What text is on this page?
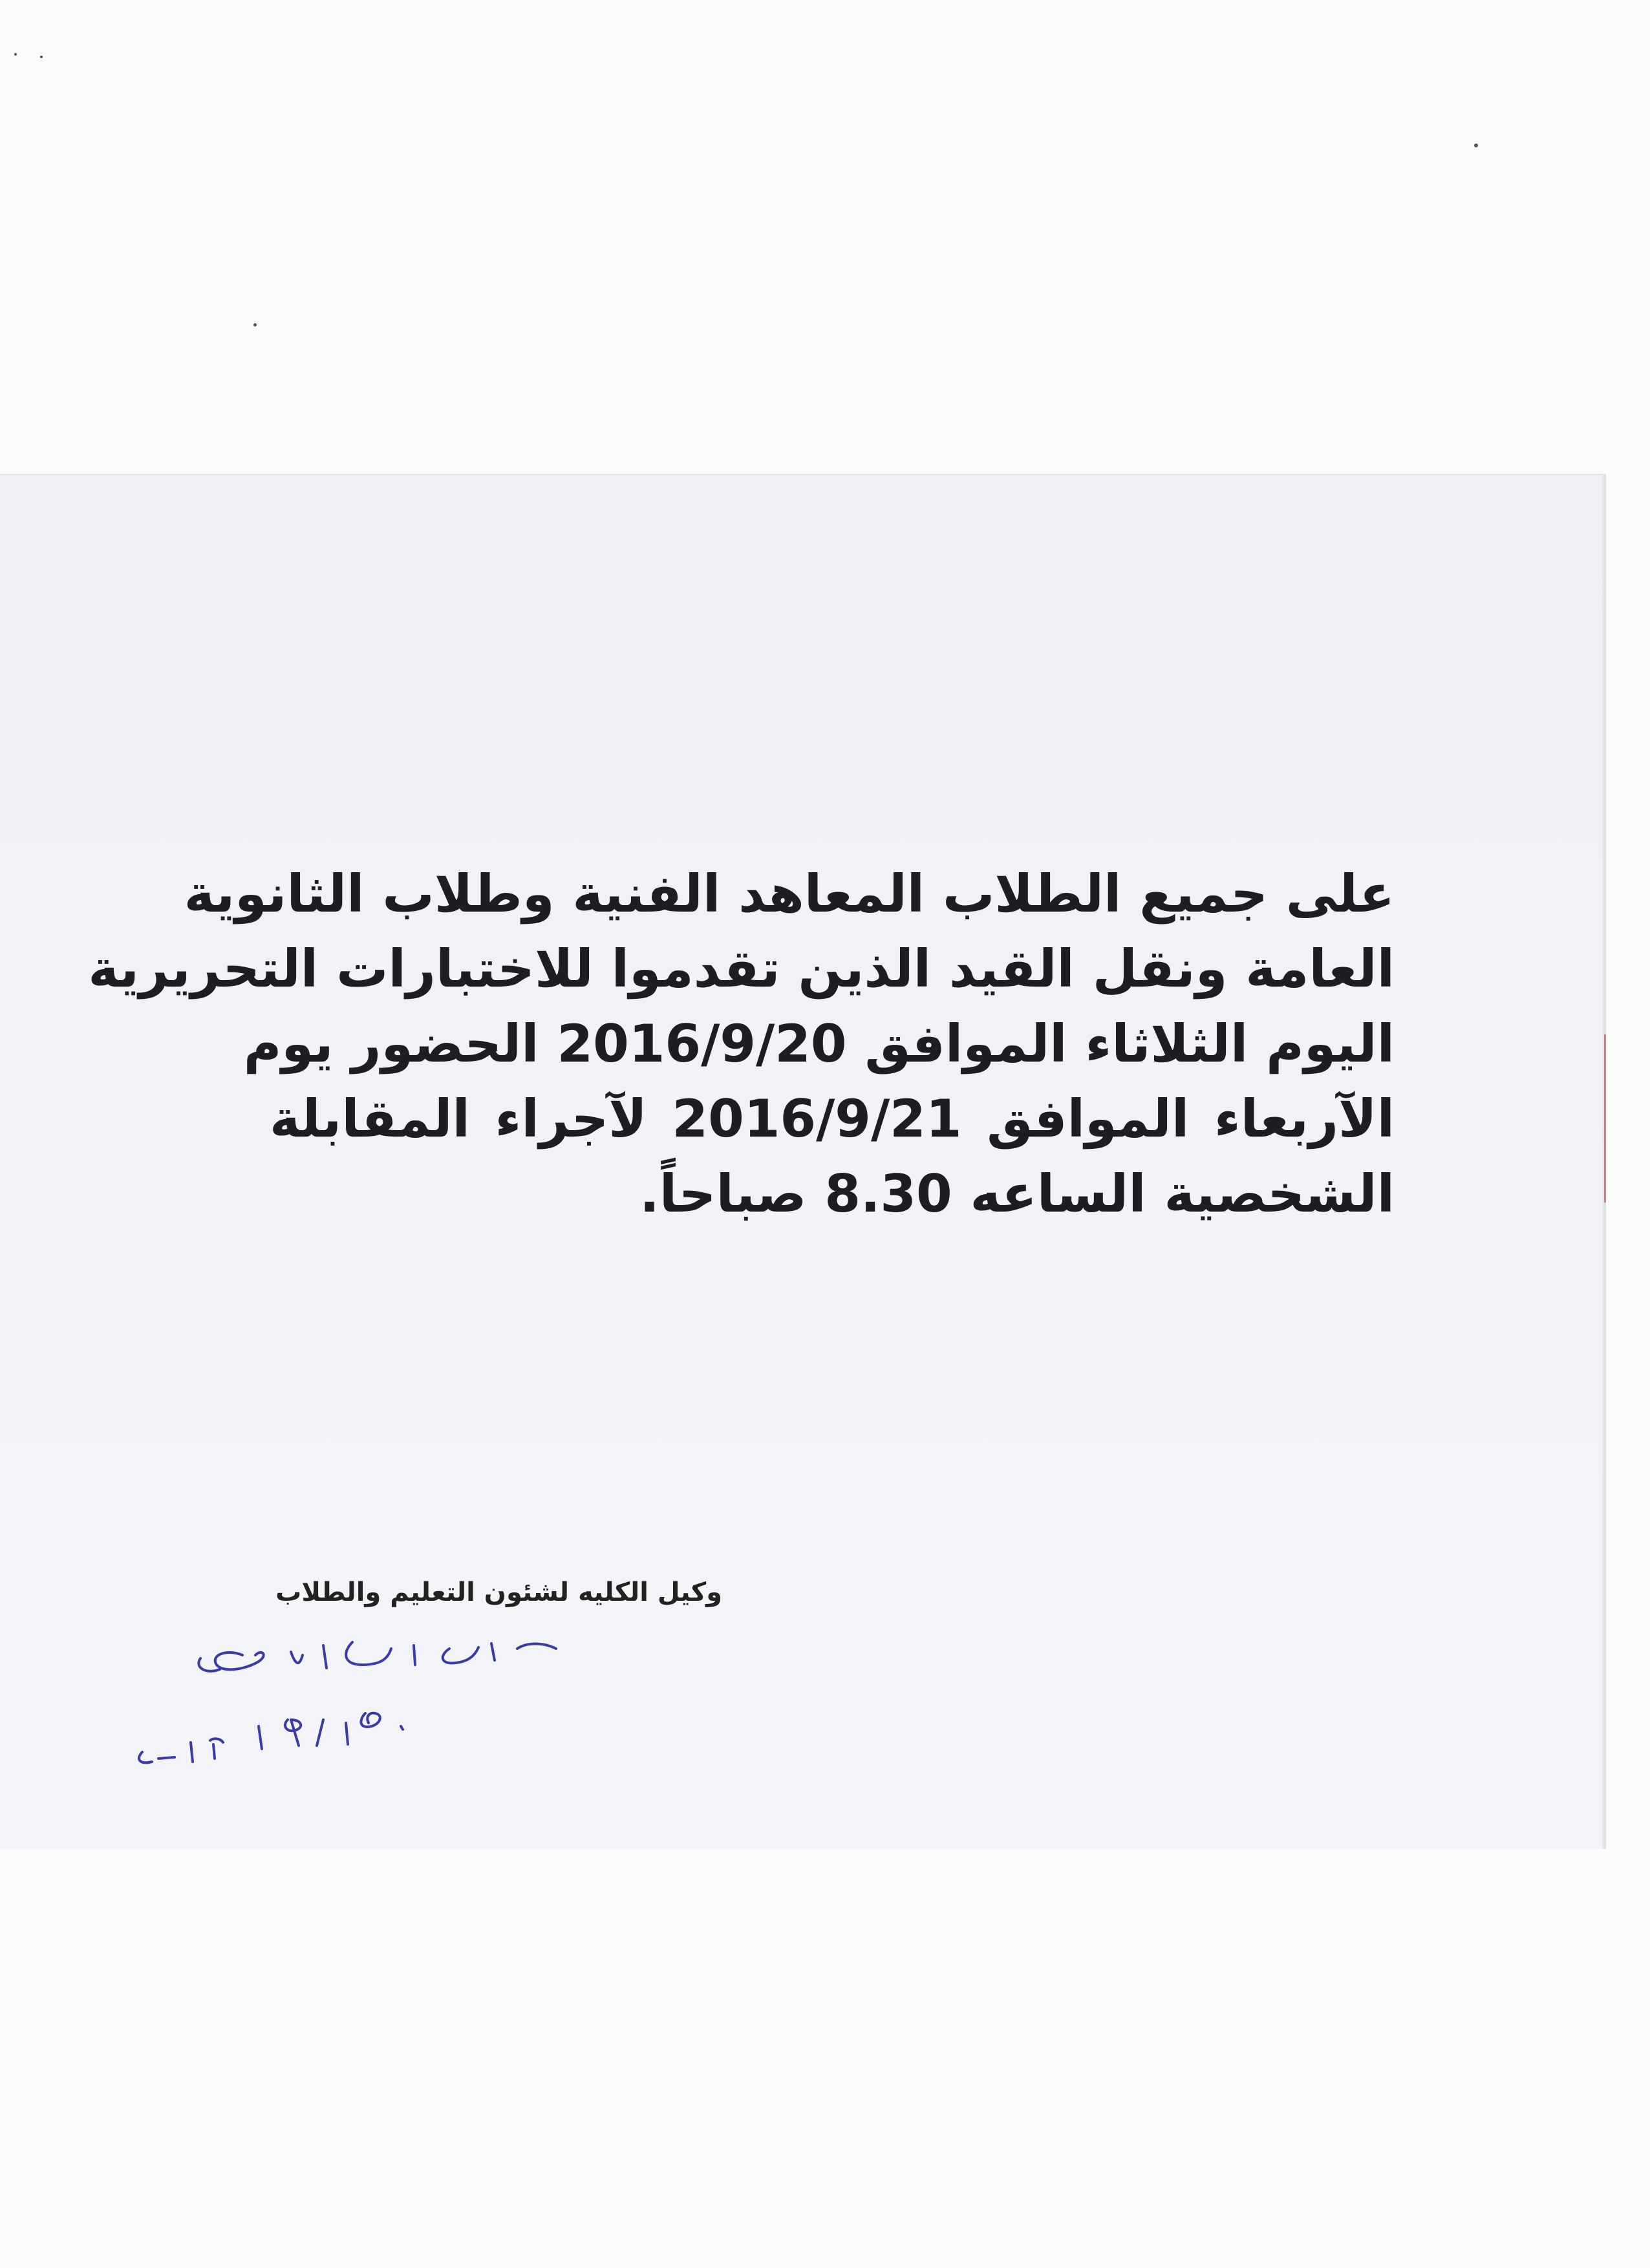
على جميع الطلاب المعاهد الفنية وطلاب الثانوية
العامة ونقل القيد الذين تقدموا للاختبارات التحريرية
اليوم الثلاثاء الموافق 2016/9/20 الحضور يوم
الآربعاء الموافق 2016/9/21 لآجراء المقابلة
الشخصية الساعه 8.30 صباحاً.
وكيل الكليه لشئون التعليم والطلاب
